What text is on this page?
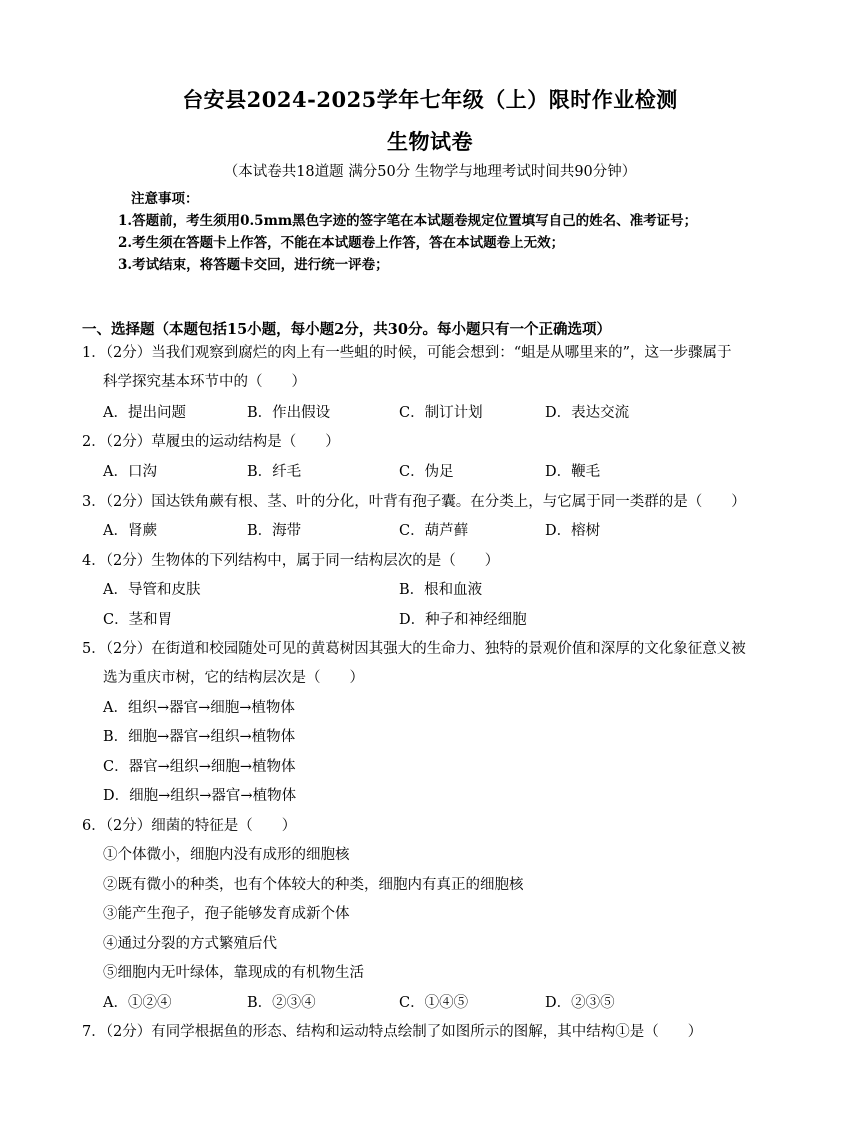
台安县2024-2025学年七年级（上）限时作业检测
生物试卷
（本试卷共18道题 满分50分 生物学与地理考试时间共90分钟）
注意事项：
1.答题前，考生须用0.5mm黑色字迹的签字笔在本试题卷规定位置填写自己的姓名、准考证号；
2.考生须在答题卡上作答，不能在本试题卷上作答，答在本试题卷上无效；
3.考试结束，将答题卡交回，进行统一评卷；
一、选择题（本题包括15小题，每小题2分，共30分。每小题只有一个正确选项）
1．（2分）当我们观察到腐烂的肉上有一些蛆的时候，可能会想到：“蛆是从哪里来的”，这一步骤属于
科学探究基本环节中的（　　）
A．提出问题	B．作出假设	C．制订计划	D．表达交流
2．（2分）草履虫的运动结构是（　　）
A．口沟	B．纤毛	C．伪足	D．鞭毛
3．（2分）国达铁角蕨有根、茎、叶的分化，叶背有孢子囊。在分类上，与它属于同一类群的是（　　）
A．肾蕨	B．海带	C．葫芦藓	D．榕树
4．（2分）生物体的下列结构中，属于同一结构层次的是（　　）
A．导管和皮肤	B．根和血液
C．茎和胃	D．种子和神经细胞
5．（2分）在街道和校园随处可见的黄葛树因其强大的生命力、独特的景观价值和深厚的文化象征意义被
选为重庆市树，它的结构层次是（　　）
A．组织→器官→细胞→植物体
B．细胞→器官→组织→植物体
C．器官→组织→细胞→植物体
D．细胞→组织→器官→植物体
6．（2分）细菌的特征是（　　）
①个体微小，细胞内没有成形的细胞核
②既有微小的种类，也有个体较大的种类，细胞内有真正的细胞核
③能产生孢子，孢子能够发育成新个体
④通过分裂的方式繁殖后代
⑤细胞内无叶绿体，靠现成的有机物生活
A．①②④	B．②③④	C．①④⑤	D．②③⑤
7．（2分）有同学根据鱼的形态、结构和运动特点绘制了如图所示的图解，其中结构①是（　　）
